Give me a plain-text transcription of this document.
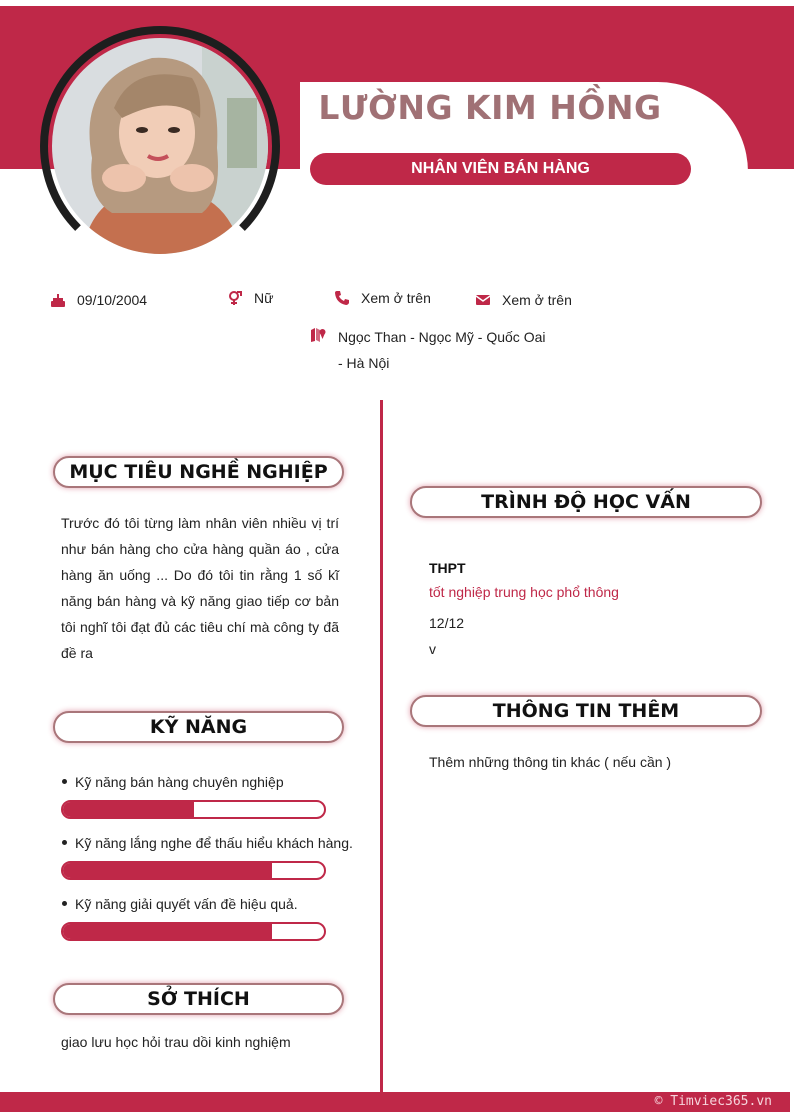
LƯỜNG KIM HỒNG
NHÂN VIÊN BÁN HÀNG
09/10/2004	Nữ	Xem ở trên	Xem ở trên
Ngọc Than - Ngọc Mỹ - Quốc Oai
- Hà Nội
MỤC TIÊU NGHỀ NGHIỆP
Trước đó tôi từng làm nhân viên nhiều vị trí như bán hàng cho cửa hàng quần áo , cửa hàng ăn uống ... Do đó tôi tin rằng 1 số kĩ năng bán hàng và kỹ năng giao tiếp cơ bản tôi nghĩ tôi đạt đủ các tiêu chí mà công ty đã đề ra
KỸ NĂNG
Kỹ năng bán hàng chuyên nghiệp
Kỹ năng lắng nghe để thấu hiểu khách hàng.
Kỹ năng giải quyết vấn đề hiệu quả.
SỞ THÍCH
giao lưu học hỏi trau dồi kinh nghiệm
TRÌNH ĐỘ HỌC VẤN
THPT
tốt nghiệp trung học phổ thông
12/12
v
THÔNG TIN THÊM
Thêm những thông tin khác ( nếu cần )
© Timviec365.vn
